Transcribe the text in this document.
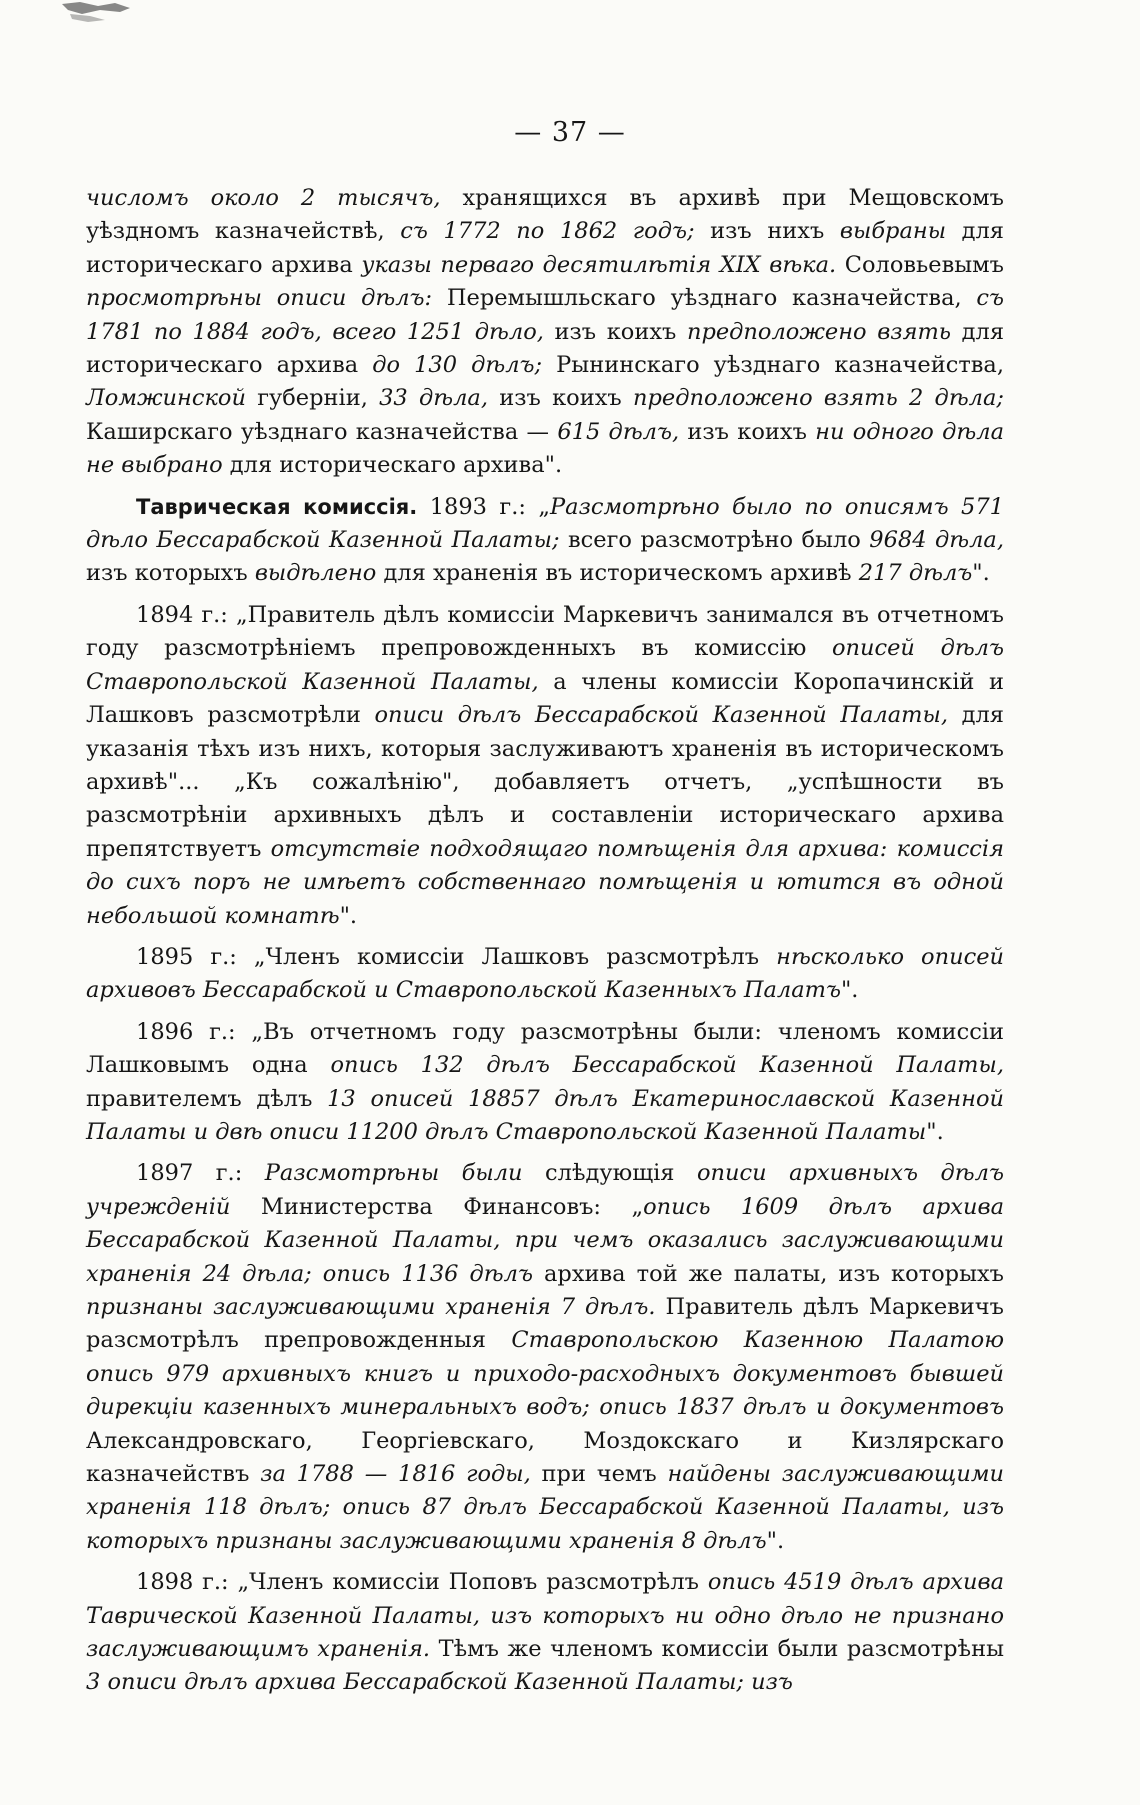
— 37 —

числомъ около 2 тысячъ, хранящихся въ архивѣ при Мещовскомъ уѣздномъ казначействѣ, съ 1772 по 1862 годъ; изъ нихъ выбраны для историческаго архива указы перваго десятилѣтія XIX вѣка. Соловьевымъ просмотрѣны описи дѣлъ: Перемышльскаго уѣзднаго казначейства, съ 1781 по 1884 годъ, всего 1251 дѣло, изъ коихъ предположено взять для историческаго архива до 130 дѣлъ; Рынинскаго уѣзднаго казначейства, Ломжинской губерніи, 33 дѣла, изъ коихъ предположено взять 2 дѣла; Каширскаго уѣзднаго казначейства — 615 дѣлъ, изъ коихъ ни одного дѣла не выбрано для историческаго архива".

Таврическая комиссія. 1893 г.: „Разсмотрѣно было по описямъ 571 дѣло Бессарабской Казенной Палаты; всего разсмотрѣно было 9684 дѣла, изъ которыхъ выдѣлено для храненія въ историческомъ архивѣ 217 дѣлъ".

1894 г.: „Правитель дѣлъ комиссіи Маркевичъ занимался въ отчетномъ году разсмотрѣніемъ препровожденныхъ въ комиссію описей дѣлъ Ставропольской Казенной Палаты, а члены комиссіи Коропачинскій и Лашковъ разсмотрѣли описи дѣлъ Бессарабской Казенной Палаты, для указанія тѣхъ изъ нихъ, которыя заслуживаютъ храненія въ историческомъ архивѣ"... „Къ сожалѣнію", добавляетъ отчетъ, „успѣшности въ разсмотрѣніи архивныхъ дѣлъ и составленіи историческаго архива препятствуетъ отсутствіе подходящаго помѣщенія для архива: комиссія до сихъ поръ не имѣетъ собственнаго помѣщенія и ютится въ одной небольшой комнатѣ".

1895 г.: „Членъ комиссіи Лашковъ разсмотрѣлъ нѣсколько описей архивовъ Бессарабской и Ставропольской Казенныхъ Палатъ".

1896 г.: „Въ отчетномъ году разсмотрѣны были: членомъ комиссіи Лашковымъ одна опись 132 дѣлъ Бессарабской Казенной Палаты, правителемъ дѣлъ 13 описей 18857 дѣлъ Екатеринославской Казенной Палаты и двѣ описи 11200 дѣлъ Ставропольской Казенной Палаты".

1897 г.: Разсмотрѣны были слѣдующія описи архивныхъ дѣлъ учрежденій Министерства Финансовъ: „опись 1609 дѣлъ архива Бессарабской Казенной Палаты, при чемъ оказались заслуживающими храненія 24 дѣла; опись 1136 дѣлъ архива той же палаты, изъ которыхъ признаны заслуживающими храненія 7 дѣлъ. Правитель дѣлъ Маркевичъ разсмотрѣлъ препровожденныя Ставропольскою Казенною Палатою опись 979 архивныхъ книгъ и приходо-расходныхъ документовъ бывшей дирекціи казенныхъ минеральныхъ водъ; опись 1837 дѣлъ и документовъ Александровскаго, Георгіевскаго, Моздокскаго и Кизлярскаго казначействъ за 1788 — 1816 годы, при чемъ найдены заслуживающими храненія 118 дѣлъ; опись 87 дѣлъ Бессарабской Казенной Палаты, изъ которыхъ признаны заслуживающими храненія 8 дѣлъ".

1898 г.: „Членъ комиссіи Поповъ разсмотрѣлъ опись 4519 дѣлъ архива Таврической Казенной Палаты, изъ которыхъ ни одно дѣло не признано заслуживающимъ храненія. Тѣмъ же членомъ комиссіи были разсмотрѣны 3 описи дѣлъ архива Бессарабской Казенной Палаты; изъ
